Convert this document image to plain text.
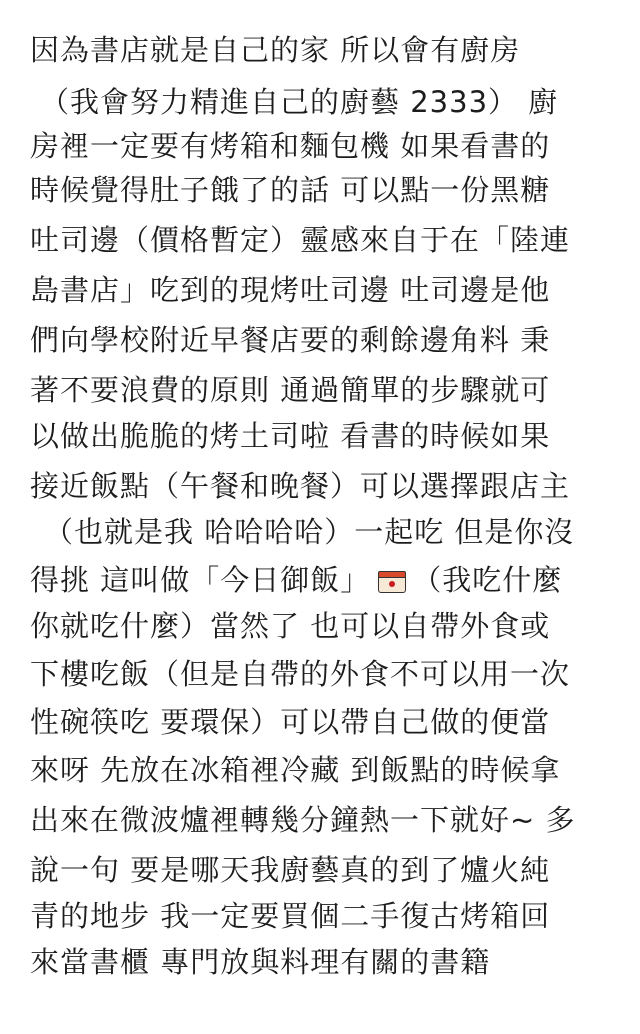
因為書店就是自己的家 所以會有廚房
（我會努力精進自己的廚藝 2333） 廚
房裡一定要有烤箱和麵包機 如果看書的
時候覺得肚子餓了的話 可以點一份黑糖
吐司邊（價格暫定）靈感來自于在「陸連
島書店」吃到的現烤吐司邊 吐司邊是他
們向學校附近早餐店要的剩餘邊角料 秉
著不要浪費的原則 通過簡單的步驟就可
以做出脆脆的烤土司啦 看書的時候如果
接近飯點（午餐和晚餐）可以選擇跟店主
（也就是我 哈哈哈哈）一起吃 但是你沒
得挑 這叫做「今日御飯」 （我吃什麼
你就吃什麼）當然了 也可以自帶外食或
下樓吃飯（但是自帶的外食不可以用一次
性碗筷吃 要環保）可以帶自己做的便當
來呀 先放在冰箱裡冷藏 到飯點的時候拿
出來在微波爐裡轉幾分鐘熱一下就好~ 多
說一句 要是哪天我廚藝真的到了爐火純
青的地步 我一定要買個二手復古烤箱回
來當書櫃 專門放與料理有關的書籍
